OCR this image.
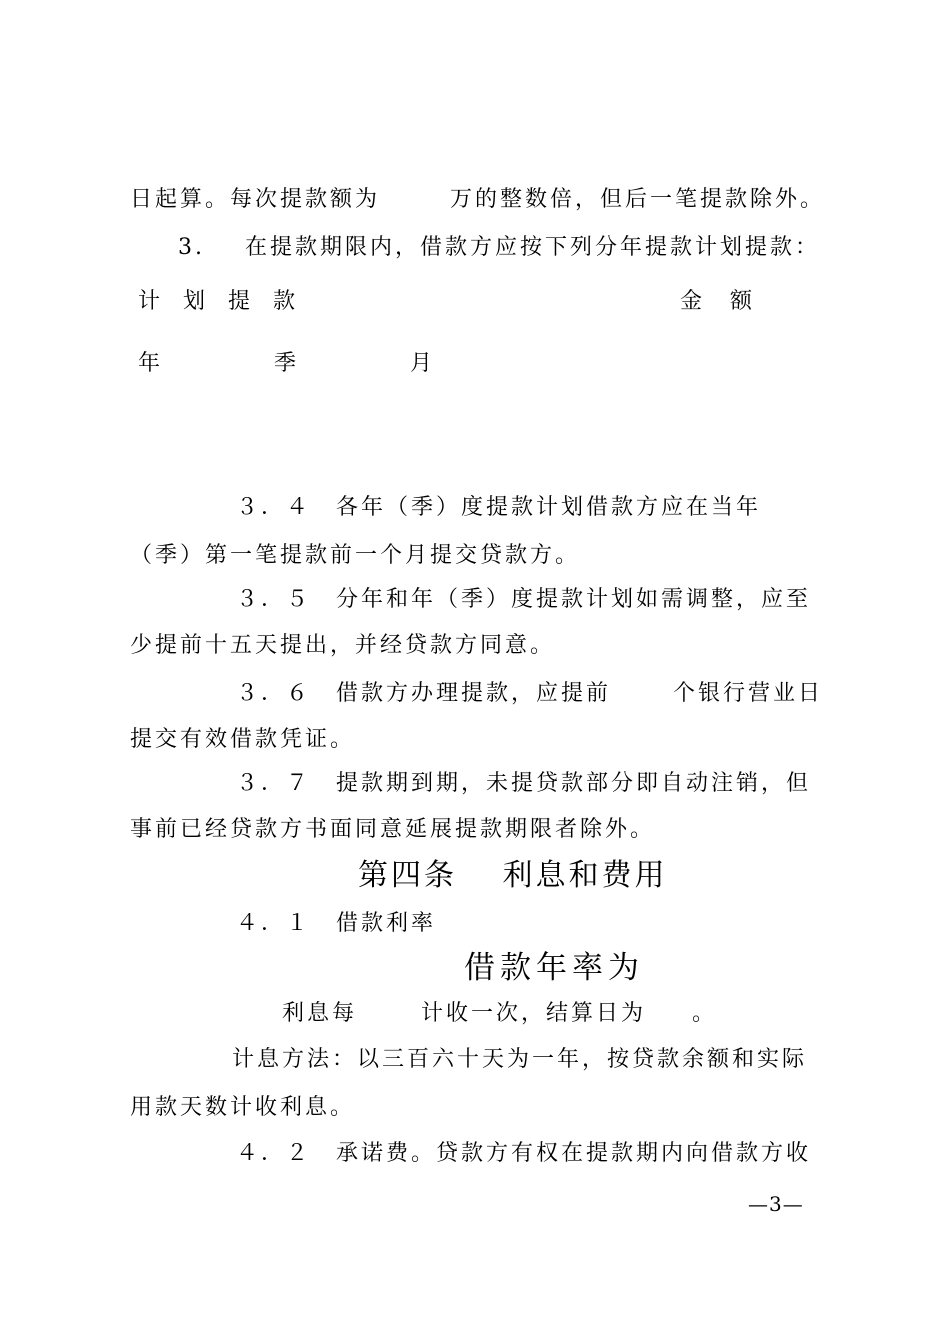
日起算。每次提款额为	万的整数倍，但后一笔提款除外。
3. 在提款期限内，借款方应按下列分年提款计划提款：
计 划 提 款	金　额
年	季	月
３．４　各年（季）度提款计划借款方应在当年
（季）第一笔提款前一个月提交贷款方。
３．５　分年和年（季）度提款计划如需调整，应至
少提前十五天提出，并经贷款方同意。
３．６　借款方办理提款，应提前	个银行营业日
提交有效借款凭证。
３．７　提款期到期，未提贷款部分即自动注销，但
事前已经贷款方书面同意延展提款期限者除外。
第四条　 利息和费用
４．１　借款利率
借款年率为
利息每	计收一次，结算日为 。
计息方法：以三百六十天为一年，按贷款余额和实际
用款天数计收利息。
４．２　承诺费。贷款方有权在提款期内向借款方收
—3—
